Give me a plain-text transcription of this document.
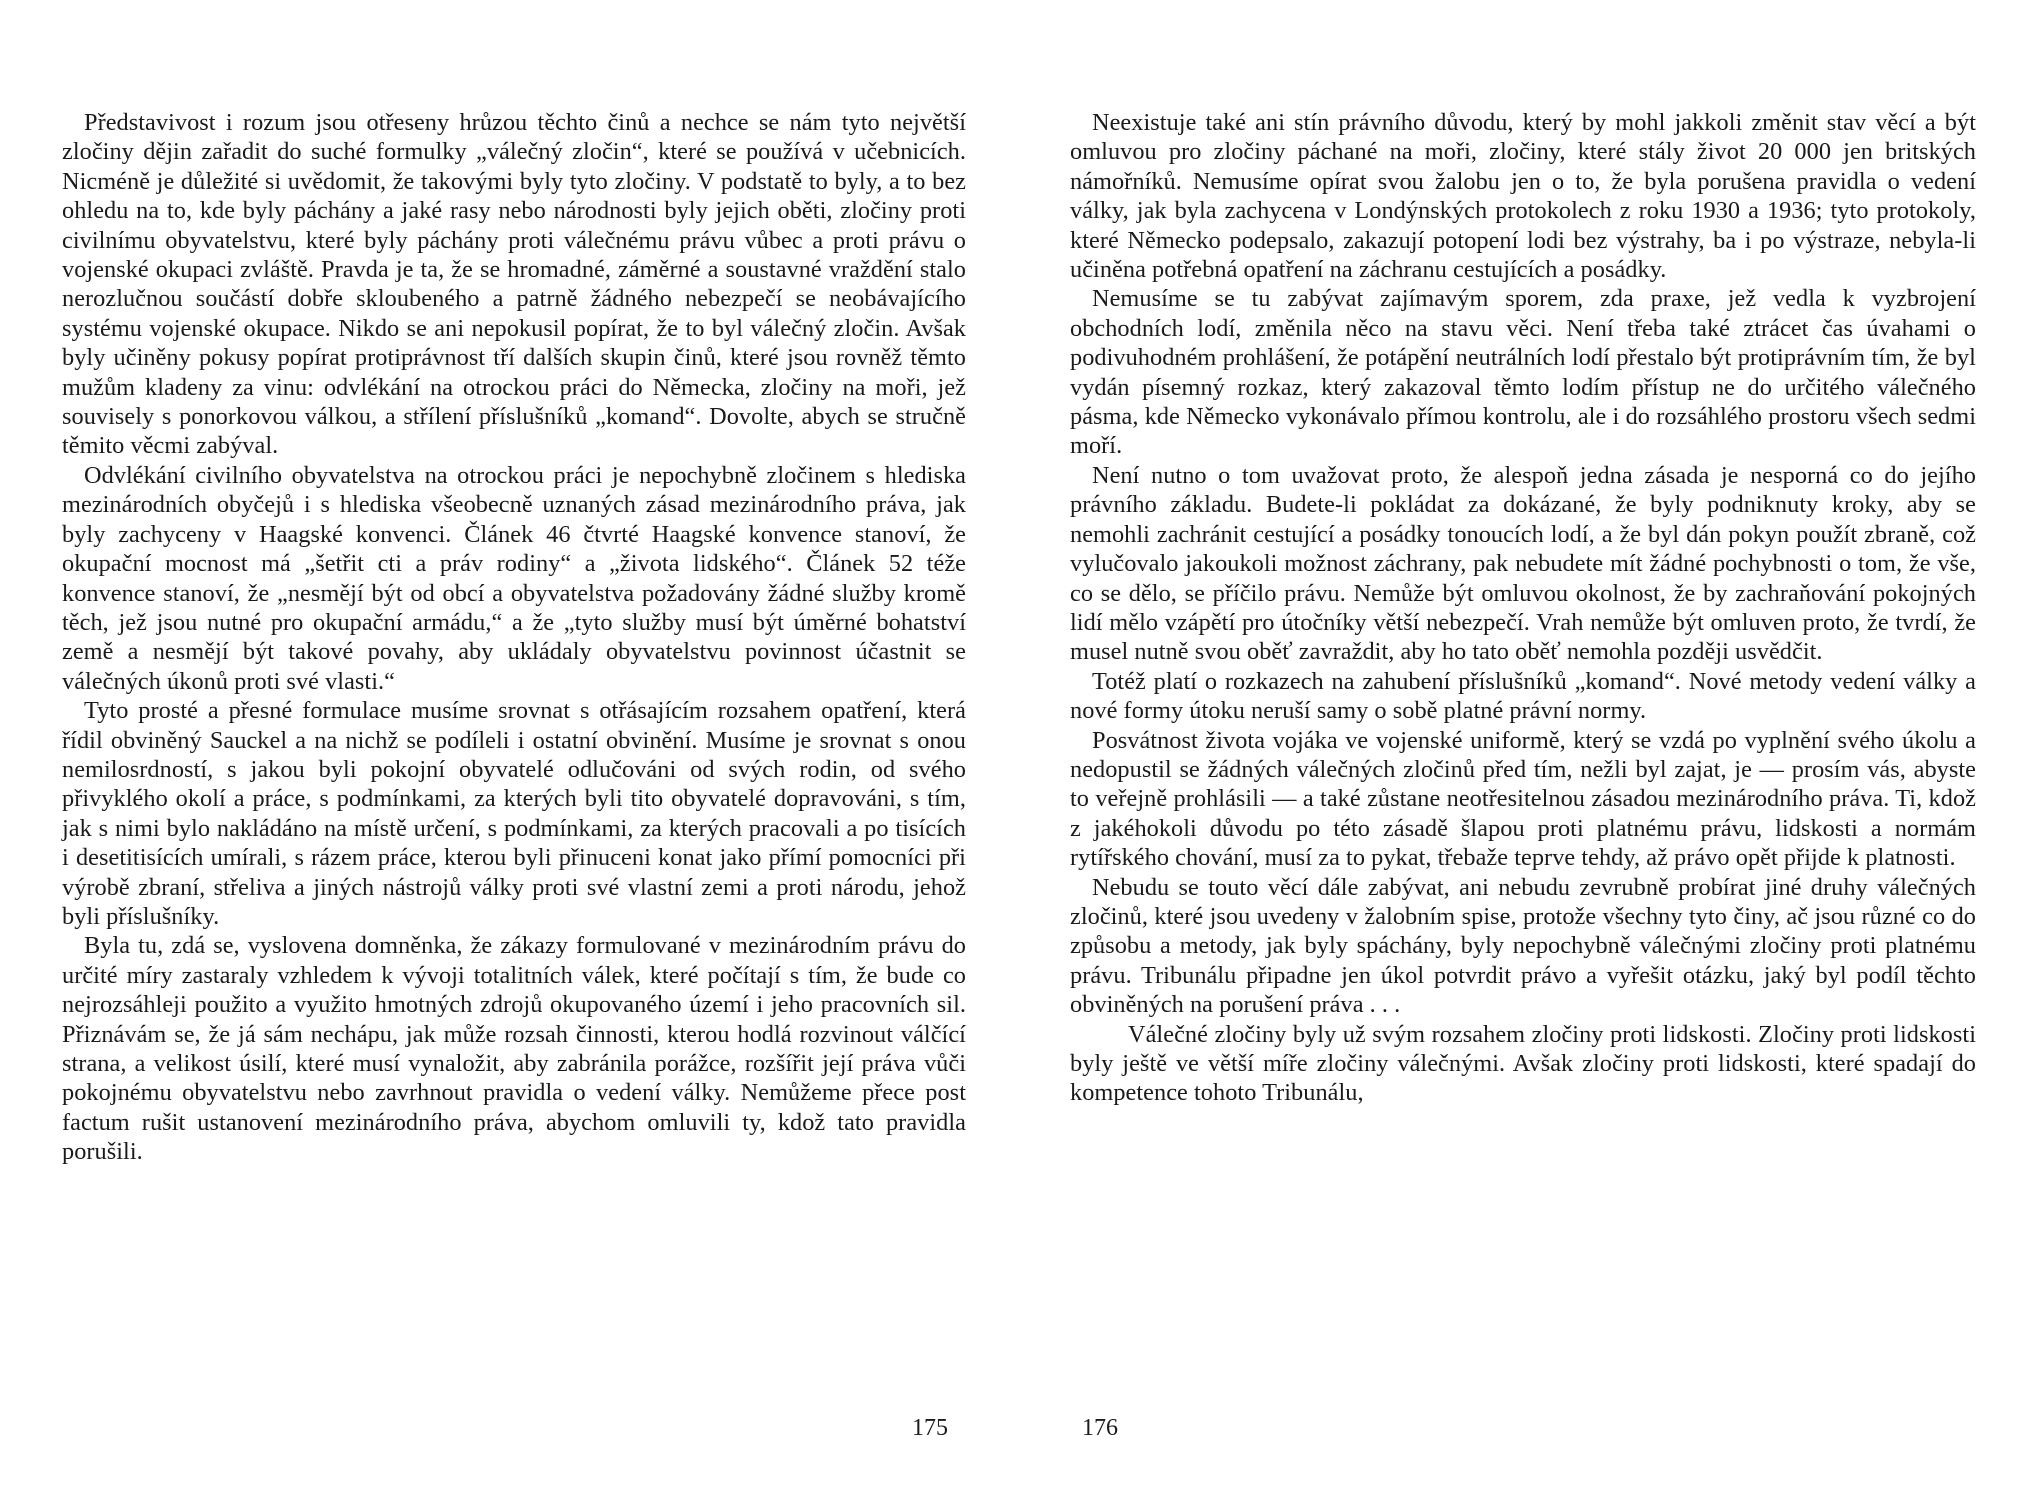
Představivost i rozum jsou otřeseny hrůzou těchto činů a nechce se nám tyto největší zločiny dějin zařadit do suché formulky „válečný zločin“, které se používá v učebnicích. Nicméně je důležité si uvědomit, že takovými byly tyto zločiny. V podstatě to byly, a to bez ohledu na to, kde byly páchány a jaké rasy nebo národnosti byly jejich oběti, zločiny proti civilnímu obyvatelstvu, které byly páchány proti válečnému právu vůbec a proti právu o vojenské okupaci zvláště. Pravda je ta, že se hromadné, záměrné a soustavné vraždění stalo nerozlučnou součástí dobře skloubeného a patrně žádného nebezpečí se neobávajícího systému vojenské okupace. Nikdo se ani nepokusil popírat, že to byl válečný zločin. Avšak byly učiněny pokusy popírat protiprávnost tří dalších skupin činů, které jsou rovněž těmto mužům kladeny za vinu: odvlékání na otrockou práci do Německa, zločiny na moři, jež souvisely s ponorkovou válkou, a střílení příslušníků „komand“. Dovolte, abych se stručně těmito věcmi zabýval.

Odvlékání civilního obyvatelstva na otrockou práci je nepochybně zločinem s hlediska mezinárodních obyčejů i s hlediska všeobecně uznaných zásad mezinárodního práva, jak byly zachyceny v Haagské konvenci. Článek 46 čtvrté Haagské konvence stanoví, že okupační mocnost má „šetřit cti a práv rodiny“ a „života lidského“. Článek 52 téže konvence stanoví, že „nesmějí být od obcí a obyvatelstva požadovány žádné služby kromě těch, jež jsou nutné pro okupační armádu,“ a že „tyto služby musí být úměrné bohatství země a nesmějí být takové povahy, aby ukládaly obyvatelstvu povinnost účastnit se válečných úkonů proti své vlasti.“

Tyto prosté a přesné formulace musíme srovnat s otřásajícím rozsahem opatření, která řídil obviněný Sauckel a na nichž se podíleli i ostatní obvinění. Musíme je srovnat s onou nemilosrdností, s jakou byli pokojní obyvatelé odlučováni od svých rodin, od svého přivyklého okolí a práce, s podmínkami, za kterých byli tito obyvatelé dopravováni, s tím, jak s nimi bylo nakládáno na místě určení, s podmínkami, za kterých pracovali a po tisících i desetitisících umírali, s rázem práce, kterou byli přinuceni konat jako přímí pomocníci při výrobě zbraní, střeliva a jiných nástrojů války proti své vlastní zemi a proti národu, jehož byli příslušníky.

Byla tu, zdá se, vyslovena domněnka, že zákazy formulované v mezinárodním právu do určité míry zastaraly vzhledem k vývoji totalitních válek, které počítají s tím, že bude co nejrozsáhleji použito a využito hmotných zdrojů okupovaného území i jeho pracovních sil. Přiznávám se, že já sám nechápu, jak může rozsah činnosti, kterou hodlá rozvinout válčící strana, a velikost úsilí, které musí vynaložit, aby zabránila porážce, rozšířit její práva vůči pokojnému obyvatelstvu nebo zavrhnout pravidla o vedení války. Nemůžeme přece post factum rušit ustanovení mezinárodního práva, abychom omluvili ty, kdož tato pravidla porušili.

175

Neexistuje také ani stín právního důvodu, který by mohl jakkoli změnit stav věcí a být omluvou pro zločiny páchané na moři, zločiny, které stály život 20 000 jen britských námořníků. Nemusíme opírat svou žalobu jen o to, že byla porušena pravidla o vedení války, jak byla zachycena v Londýnských protokolech z roku 1930 a 1936; tyto protokoly, které Německo podepsalo, zakazují potopení lodi bez výstrahy, ba i po výstraze, nebyla-li učiněna potřebná opatření na záchranu cestujících a posádky.

Nemusíme se tu zabývat zajímavým sporem, zda praxe, jež vedla k vyzbrojení obchodních lodí, změnila něco na stavu věci. Není třeba také ztrácet čas úvahami o podivuhodném prohlášení, že potápění neutrálních lodí přestalo být protiprávním tím, že byl vydán písemný rozkaz, který zakazoval těmto lodím přístup ne do určitého válečného pásma, kde Německo vykonávalo přímou kontrolu, ale i do rozsáhlého prostoru všech sedmi moří.

Není nutno o tom uvažovat proto, že alespoň jedna zásada je nesporná co do jejího právního základu. Budete-li pokládat za dokázané, že byly podniknuty kroky, aby se nemohli zachránit cestující a posádky tonoucích lodí, a že byl dán pokyn použít zbraně, což vylučovalo jakoukoli možnost záchrany, pak nebudete mít žádné pochybnosti o tom, že vše, co se dělo, se příčilo právu. Nemůže být omluvou okolnost, že by zachraňování pokojných lidí mělo vzápětí pro útočníky větší nebezpečí. Vrah nemůže být omluven proto, že tvrdí, že musel nutně svou oběť zavraždit, aby ho tato oběť nemohla později usvědčit.

Totéž platí o rozkazech na zahubení příslušníků „komand“. Nové metody vedení války a nové formy útoku neruší samy o sobě platné právní normy.

Posvátnost života vojáka ve vojenské uniformě, který se vzdá po vyplnění svého úkolu a nedopustil se žádných válečných zločinů před tím, nežli byl zajat, je — prosím vás, abyste to veřejně prohlásili — a také zůstane neotřesitelnou zásadou mezinárodního práva. Ti, kdož z jakéhokoli důvodu po této zásadě šlapou proti platnému právu, lidskosti a normám rytířského chování, musí za to pykat, třebaže teprve tehdy, až právo opět přijde k platnosti.

Nebudu se touto věcí dále zabývat, ani nebudu zevrubně probírat jiné druhy válečných zločinů, které jsou uvedeny v žalobním spise, protože všechny tyto činy, ač jsou různé co do způsobu a metody, jak byly spáchány, byly nepochybně válečnými zločiny proti platnému právu. Tribunálu připadne jen úkol potvrdit právo a vyřešit otázku, jaký byl podíl těchto obviněných na porušení práva . . .

Válečné zločiny byly už svým rozsahem zločiny proti lidskosti. Zločiny proti lidskosti byly ještě ve větší míře zločiny válečnými. Avšak zločiny proti lidskosti, které spadají do kompetence tohoto Tribunálu,

176
